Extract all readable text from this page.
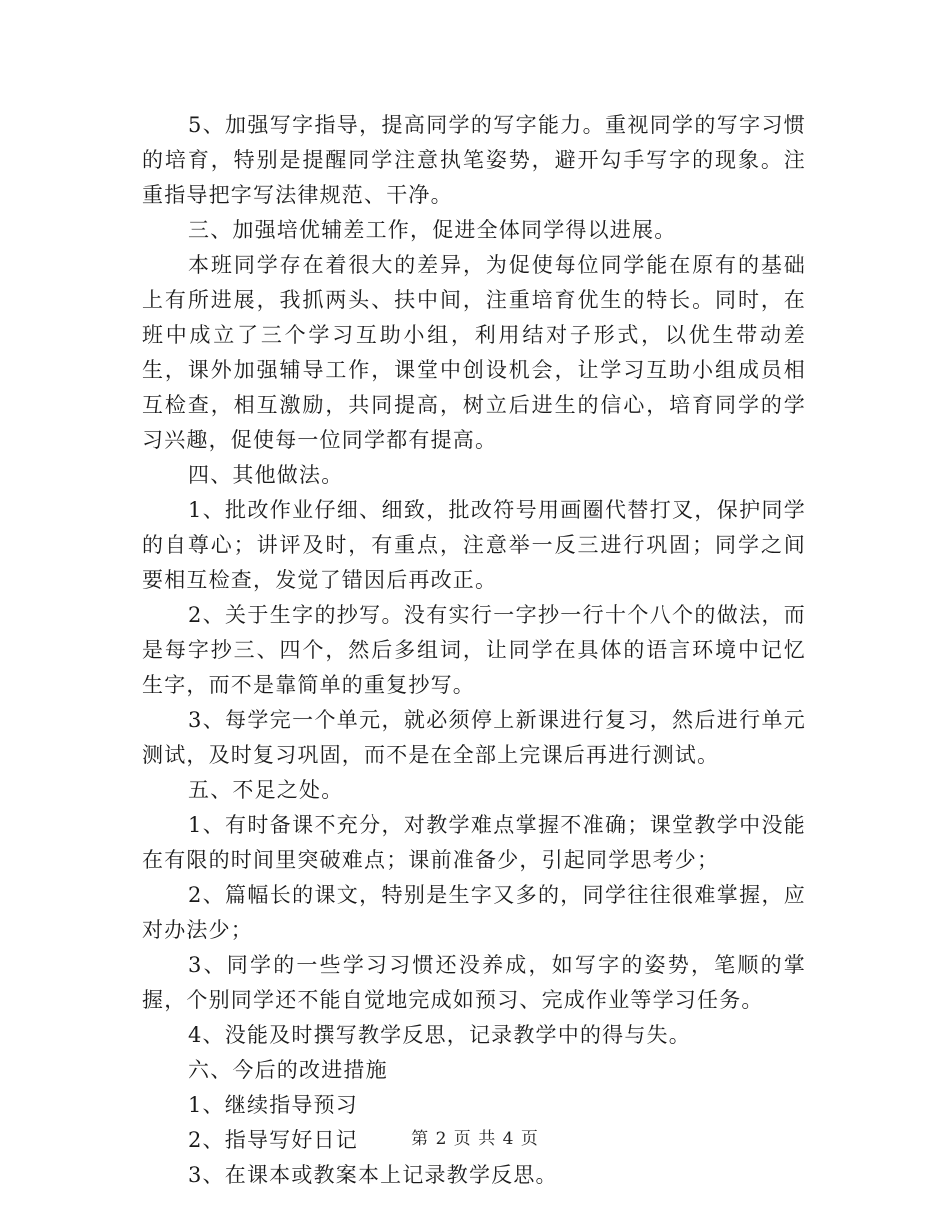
5、加强写字指导，提高同学的写字能力。重视同学的写字习惯的培育，特别是提醒同学注意执笔姿势，避开勾手写字的现象。注重指导把字写法律规范、干净。

三、加强培优辅差工作，促进全体同学得以进展。

本班同学存在着很大的差异，为促使每位同学能在原有的基础上有所进展，我抓两头、扶中间，注重培育优生的特长。同时，在班中成立了三个学习互助小组，利用结对子形式，以优生带动差生，课外加强辅导工作，课堂中创设机会，让学习互助小组成员相互检查，相互激励，共同提高，树立后进生的信心，培育同学的学习兴趣，促使每一位同学都有提高。

四、其他做法。

1、批改作业仔细、细致，批改符号用画圈代替打叉，保护同学的自尊心；讲评及时，有重点，注意举一反三进行巩固；同学之间要相互检查，发觉了错因后再改正。

2、关于生字的抄写。没有实行一字抄一行十个八个的做法，而是每字抄三、四个，然后多组词，让同学在具体的语言环境中记忆生字，而不是靠简单的重复抄写。

3、每学完一个单元，就必须停上新课进行复习，然后进行单元测试，及时复习巩固，而不是在全部上完课后再进行测试。

五、不足之处。

1、有时备课不充分，对教学难点掌握不准确；课堂教学中没能在有限的时间里突破难点；课前准备少，引起同学思考少；

2、篇幅长的课文，特别是生字又多的，同学往往很难掌握，应对办法少；

3、同学的一些学习习惯还没养成，如写字的姿势，笔顺的掌握，个别同学还不能自觉地完成如预习、完成作业等学习任务。

4、没能及时撰写教学反思，记录教学中的得与失。

六、今后的改进措施

1、继续指导预习

2、指导写好日记

3、在课本或教案本上记录教学反思。

第 2 页 共 4 页
